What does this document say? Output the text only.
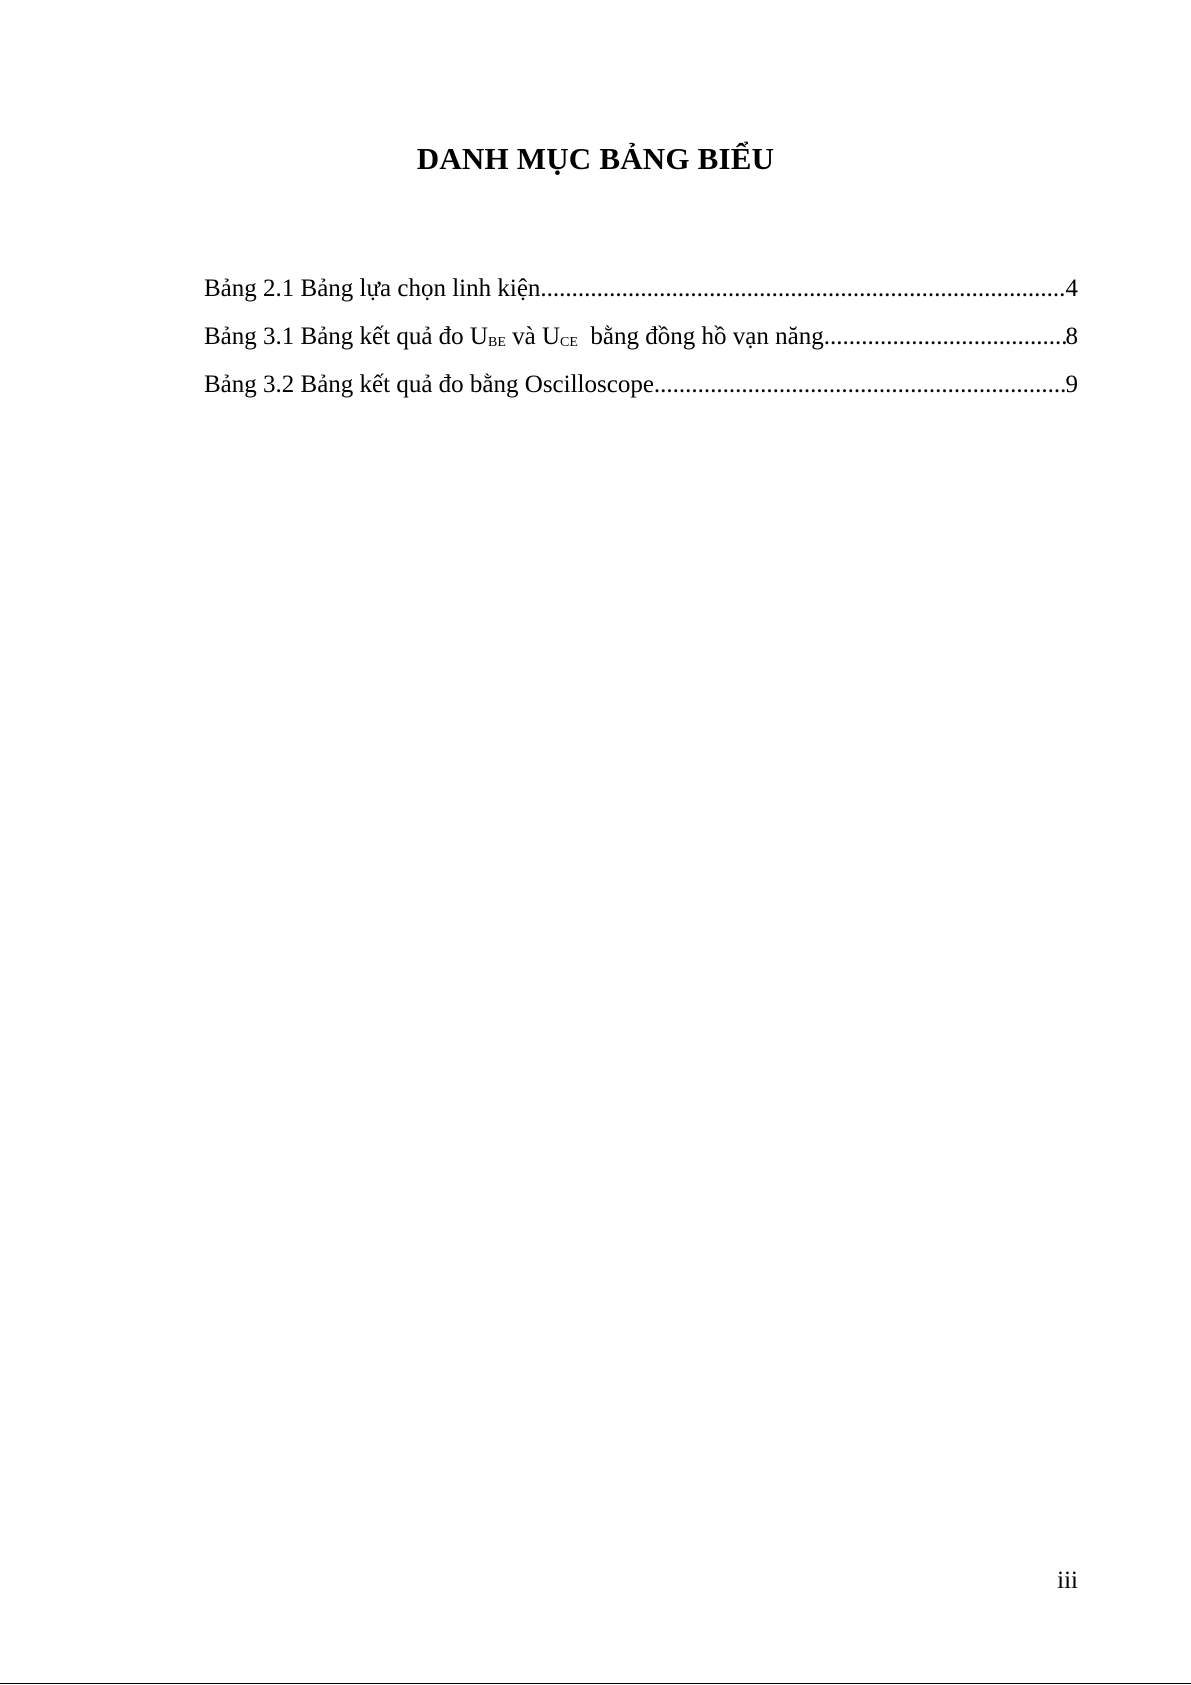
DANH MỤC BẢNG BIỂU
Bảng 2.1 Bảng lựa chọn linh kiện .....	4
Bảng 3.1 Bảng kết quả đo UBE và UCE  bằng đồng hồ vạn năng .....	8
Bảng 3.2 Bảng kết quả đo bằng Oscilloscope .....	9
iii
